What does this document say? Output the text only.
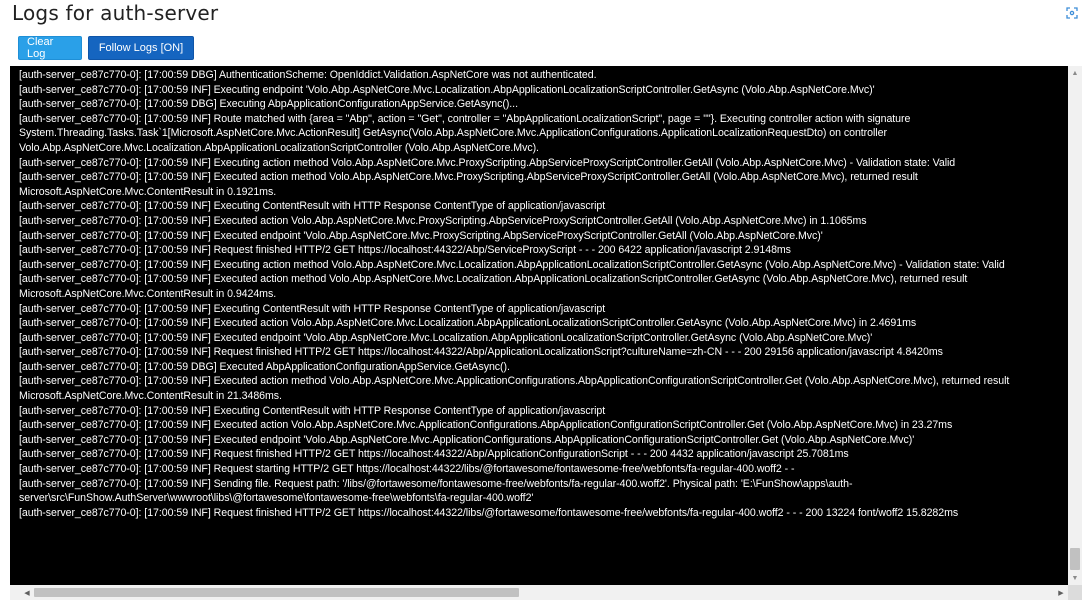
Logs for auth-server
Clear Log	Follow Logs [ON]
[auth-server_ce87c770-0]: [17:00:59 DBG] AuthenticationScheme: OpenIddict.Validation.AspNetCore was not authenticated.
[auth-server_ce87c770-0]: [17:00:59 INF] Executing endpoint 'Volo.Abp.AspNetCore.Mvc.Localization.AbpApplicationLocalizationScriptController.GetAsync (Volo.Abp.AspNetCore.Mvc)'
[auth-server_ce87c770-0]: [17:00:59 DBG] Executing AbpApplicationConfigurationAppService.GetAsync()...
[auth-server_ce87c770-0]: [17:00:59 INF] Route matched with {area = "Abp", action = "Get", controller = "AbpApplicationLocalizationScript", page = ""}. Executing controller action with signature System.Threading.Tasks.Task`1[Microsoft.AspNetCore.Mvc.ActionResult] GetAsync(Volo.Abp.AspNetCore.Mvc.ApplicationConfigurations.ApplicationLocalizationRequestDto) on controller Volo.Abp.AspNetCore.Mvc.Localization.AbpApplicationLocalizationScriptController (Volo.Abp.AspNetCore.Mvc).
[auth-server_ce87c770-0]: [17:00:59 INF] Executing action method Volo.Abp.AspNetCore.Mvc.ProxyScripting.AbpServiceProxyScriptController.GetAll (Volo.Abp.AspNetCore.Mvc) - Validation state: Valid
[auth-server_ce87c770-0]: [17:00:59 INF] Executed action method Volo.Abp.AspNetCore.Mvc.ProxyScripting.AbpServiceProxyScriptController.GetAll (Volo.Abp.AspNetCore.Mvc), returned result Microsoft.AspNetCore.Mvc.ContentResult in 0.1921ms.
[auth-server_ce87c770-0]: [17:00:59 INF] Executing ContentResult with HTTP Response ContentType of application/javascript
[auth-server_ce87c770-0]: [17:00:59 INF] Executed action Volo.Abp.AspNetCore.Mvc.ProxyScripting.AbpServiceProxyScriptController.GetAll (Volo.Abp.AspNetCore.Mvc) in 1.1065ms
[auth-server_ce87c770-0]: [17:00:59 INF] Executed endpoint 'Volo.Abp.AspNetCore.Mvc.ProxyScripting.AbpServiceProxyScriptController.GetAll (Volo.Abp.AspNetCore.Mvc)'
[auth-server_ce87c770-0]: [17:00:59 INF] Request finished HTTP/2 GET https://localhost:44322/Abp/ServiceProxyScript - - - 200 6422 application/javascript 2.9148ms
[auth-server_ce87c770-0]: [17:00:59 INF] Executing action method Volo.Abp.AspNetCore.Mvc.Localization.AbpApplicationLocalizationScriptController.GetAsync (Volo.Abp.AspNetCore.Mvc) - Validation state: Valid
[auth-server_ce87c770-0]: [17:00:59 INF] Executed action method Volo.Abp.AspNetCore.Mvc.Localization.AbpApplicationLocalizationScriptController.GetAsync (Volo.Abp.AspNetCore.Mvc), returned result Microsoft.AspNetCore.Mvc.ContentResult in 0.9424ms.
[auth-server_ce87c770-0]: [17:00:59 INF] Executing ContentResult with HTTP Response ContentType of application/javascript
[auth-server_ce87c770-0]: [17:00:59 INF] Executed action Volo.Abp.AspNetCore.Mvc.Localization.AbpApplicationLocalizationScriptController.GetAsync (Volo.Abp.AspNetCore.Mvc) in 2.4691ms
[auth-server_ce87c770-0]: [17:00:59 INF] Executed endpoint 'Volo.Abp.AspNetCore.Mvc.Localization.AbpApplicationLocalizationScriptController.GetAsync (Volo.Abp.AspNetCore.Mvc)'
[auth-server_ce87c770-0]: [17:00:59 INF] Request finished HTTP/2 GET https://localhost:44322/Abp/ApplicationLocalizationScript?cultureName=zh-CN - - - 200 29156 application/javascript 4.8420ms
[auth-server_ce87c770-0]: [17:00:59 DBG] Executed AbpApplicationConfigurationAppService.GetAsync().
[auth-server_ce87c770-0]: [17:00:59 INF] Executed action method Volo.Abp.AspNetCore.Mvc.ApplicationConfigurations.AbpApplicationConfigurationScriptController.Get (Volo.Abp.AspNetCore.Mvc), returned result Microsoft.AspNetCore.Mvc.ContentResult in 21.3486ms.
[auth-server_ce87c770-0]: [17:00:59 INF] Executing ContentResult with HTTP Response ContentType of application/javascript
[auth-server_ce87c770-0]: [17:00:59 INF] Executed action Volo.Abp.AspNetCore.Mvc.ApplicationConfigurations.AbpApplicationConfigurationScriptController.Get (Volo.Abp.AspNetCore.Mvc) in 23.27ms
[auth-server_ce87c770-0]: [17:00:59 INF] Executed endpoint 'Volo.Abp.AspNetCore.Mvc.ApplicationConfigurations.AbpApplicationConfigurationScriptController.Get (Volo.Abp.AspNetCore.Mvc)'
[auth-server_ce87c770-0]: [17:00:59 INF] Request finished HTTP/2 GET https://localhost:44322/Abp/ApplicationConfigurationScript - - - 200 4432 application/javascript 25.7081ms
[auth-server_ce87c770-0]: [17:00:59 INF] Request starting HTTP/2 GET https://localhost:44322/libs/@fortawesome/fontawesome-free/webfonts/fa-regular-400.woff2 - -
[auth-server_ce87c770-0]: [17:00:59 INF] Sending file. Request path: '/libs/@fortawesome/fontawesome-free/webfonts/fa-regular-400.woff2'. Physical path: 'E:\FunShow\apps\auth-server\src\FunShow.AuthServer\wwwroot\libs\@fortawesome\fontawesome-free\webfonts\fa-regular-400.woff2'
[auth-server_ce87c770-0]: [17:00:59 INF] Request finished HTTP/2 GET https://localhost:44322/libs/@fortawesome/fontawesome-free/webfonts/fa-regular-400.woff2 - - - 200 13224 font/woff2 15.8282ms
▲
▼
◀	▶
